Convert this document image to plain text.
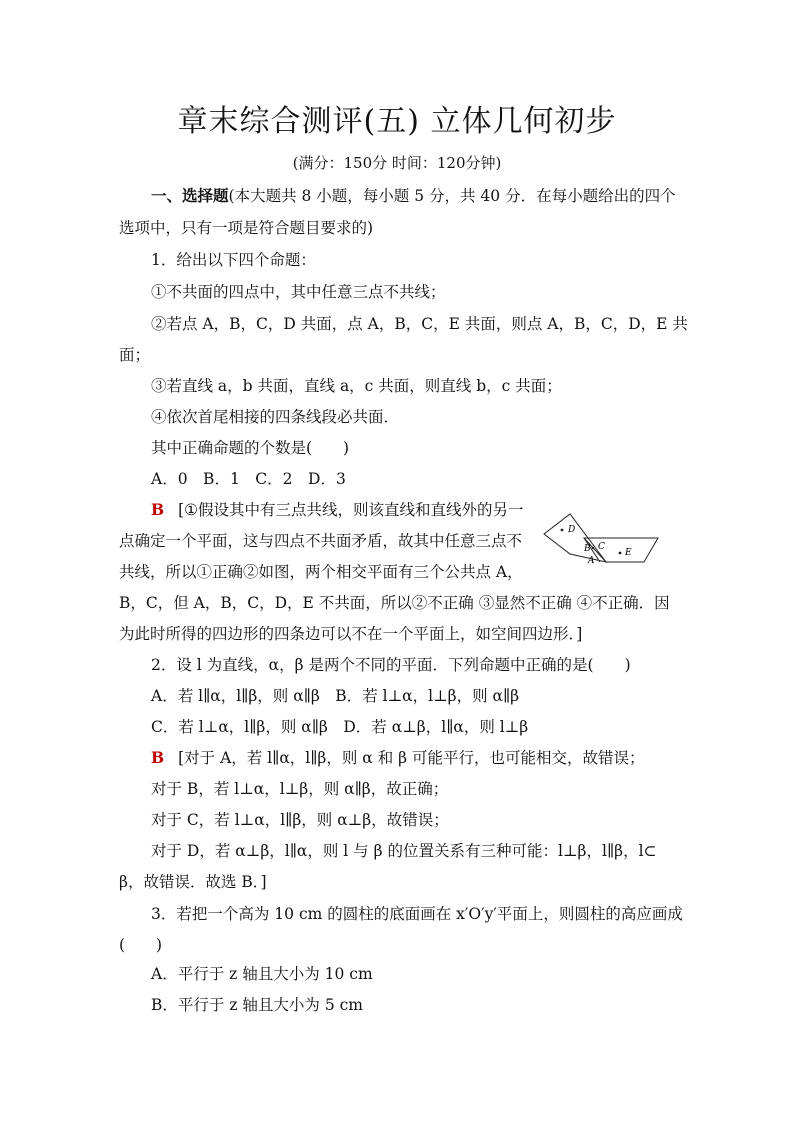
章末综合测评(五) 立体几何初步
(满分：150分 时间：120分钟)
一、选择题(本大题共 8 小题，每小题 5 分，共 40 分．在每小题给出的四个
选项中，只有一项是符合题目要求的)
1．给出以下四个命题：
①不共面的四点中，其中任意三点不共线；
②若点 A，B，C，D 共面，点 A，B，C，E 共面，则点 A，B，C，D，E 共
面；
③若直线 a，b 共面，直线 a，c 共面，则直线 b，c 共面；
④依次首尾相接的四条线段必共面．
其中正确命题的个数是(　　)
A．0　B．1　C．2　D．3
B [①假设其中有三点共线，则该直线和直线外的另一
点确定一个平面，这与四点不共面矛盾，故其中任意三点不
共线，所以①正确②如图，两个相交平面有三个公共点 A，
B，C，但 A，B，C，D，E 不共面，所以②不正确 ③显然不正确 ④不正确．因
为此时所得的四边形的四条边可以不在一个平面上，如空间四边形．]
D
B C
A
E
2．设 l 为直线，α，β 是两个不同的平面．下列命题中正确的是(　　)
A．若 l∥α，l∥β，则 α∥β　B．若 l⊥α，l⊥β，则 α∥β
C．若 l⊥α，l∥β，则 α∥β　D．若 α⊥β，l∥α，则 l⊥β
B [对于 A，若 l∥α，l∥β，则 α 和 β 可能平行，也可能相交，故错误；
对于 B，若 l⊥α，l⊥β，则 α∥β，故正确；
对于 C，若 l⊥α，l∥β，则 α⊥β，故错误；
对于 D，若 α⊥β，l∥α，则 l 与 β 的位置关系有三种可能：l⊥β，l∥β，l⊂
β，故错误．故选 B．]
3．若把一个高为 10 cm 的圆柱的底面画在 x′O′y′平面上，则圆柱的高应画成
(　　)
A．平行于 z 轴且大小为 10 cm
B．平行于 z 轴且大小为 5 cm
